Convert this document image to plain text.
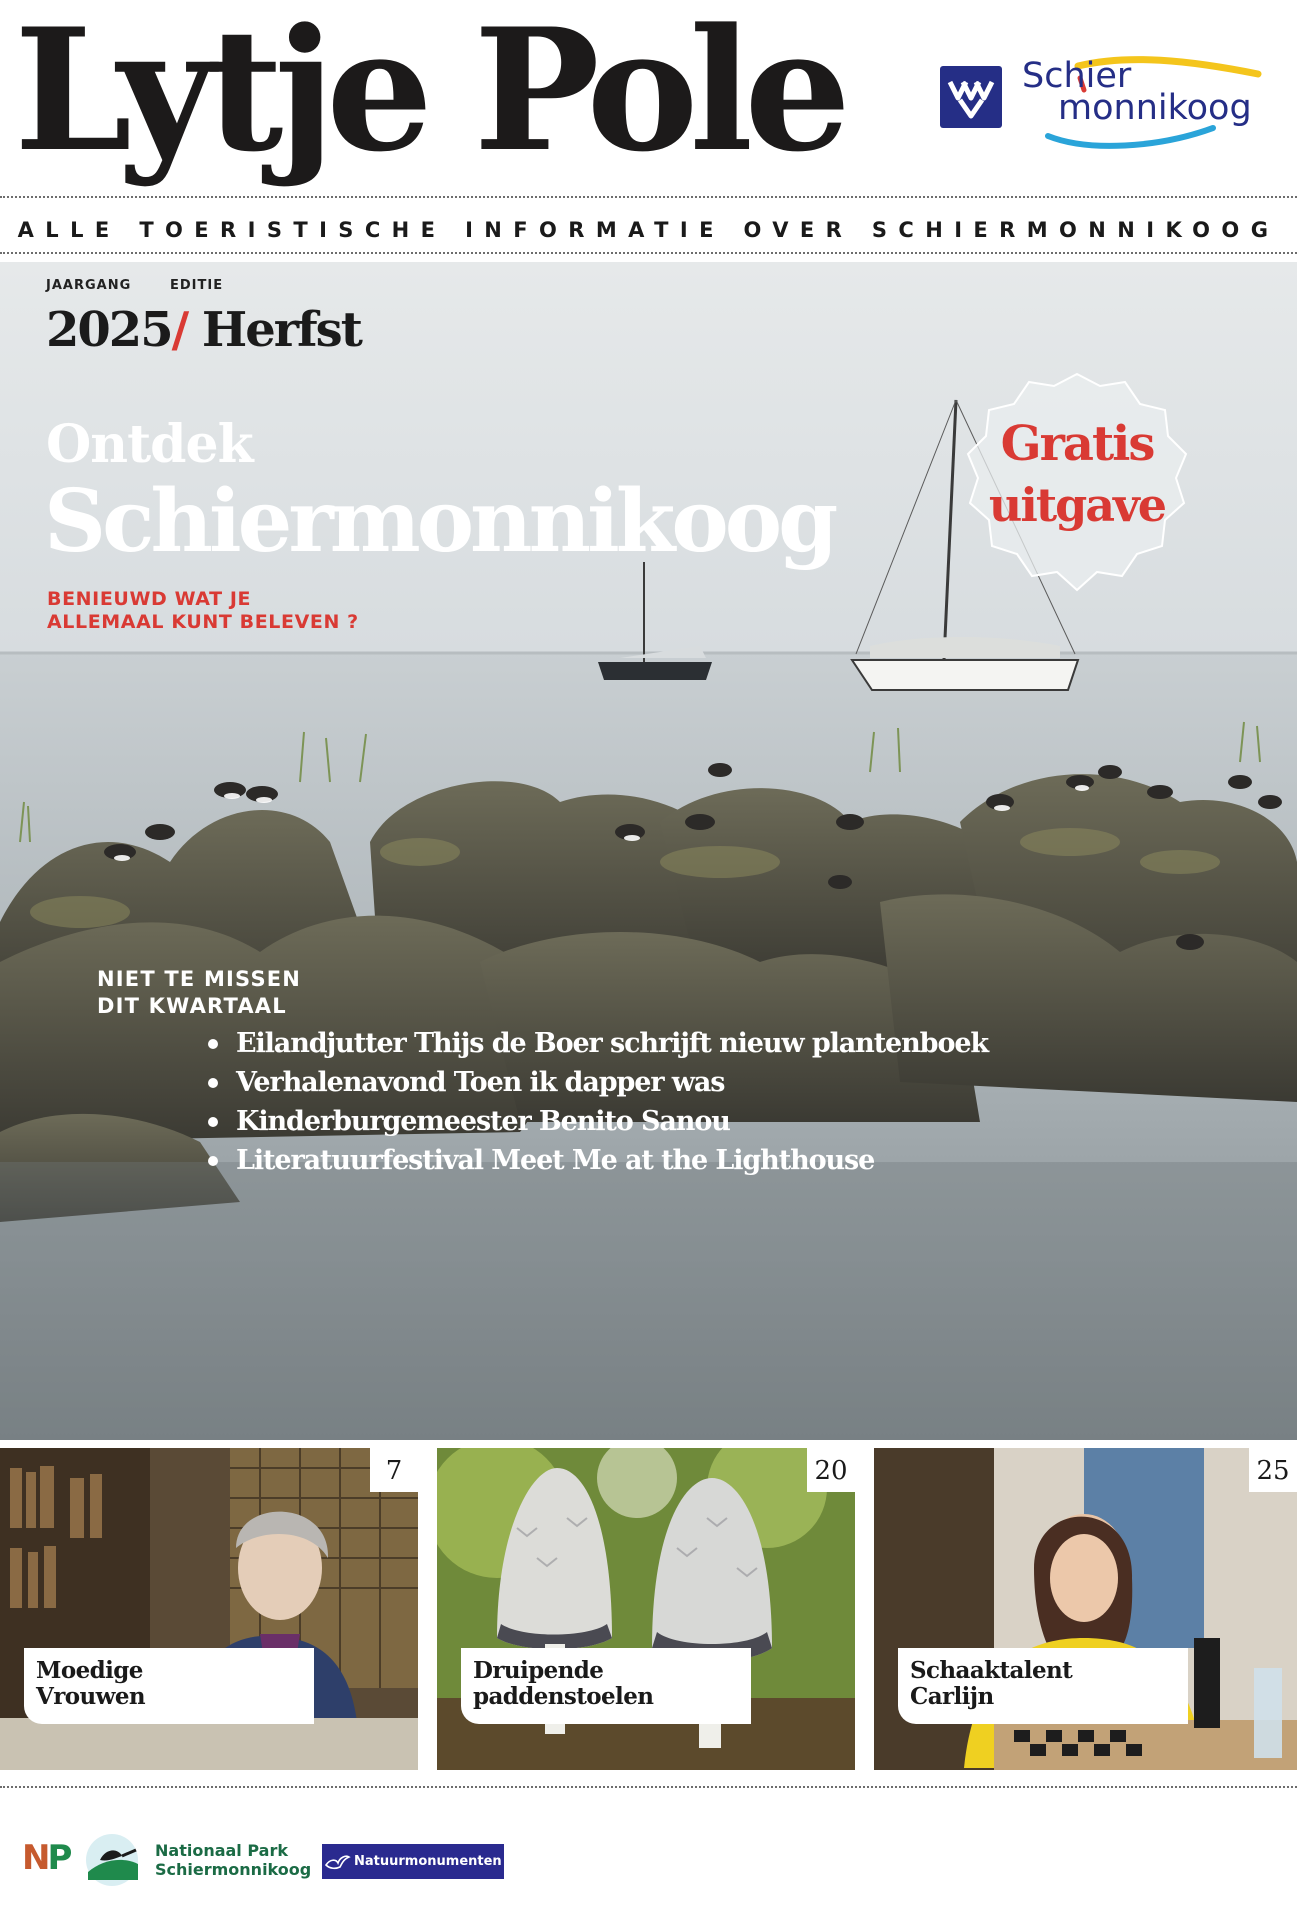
Lytje Pole	Schier
monnikoog
ALLE TOERISTISCHE INFORMATIE OVER SCHIERMONNIKOOG
JAARGANG	EDITIE
2025/ Herfst
Ontdek
Schiermonnikoog
BENIEUWD WAT JE
ALLEMAAL KUNT BELEVEN ?
Gratis
uitgave
NIET TE MISSEN
DIT KWARTAAL
Eilandjutter Thijs de Boer schrijft nieuw plantenboek
Verhalenavond Toen ik dapper was
Kinderburgemeester Benito Sanou
Literatuurfestival Meet Me at the Lighthouse
7
Moedige
Vrouwen
20
Druipende
paddenstoelen
25
Schaaktalent
Carlijn
NP	Nationaal Park
Schiermonnikoog	Natuurmonumenten
